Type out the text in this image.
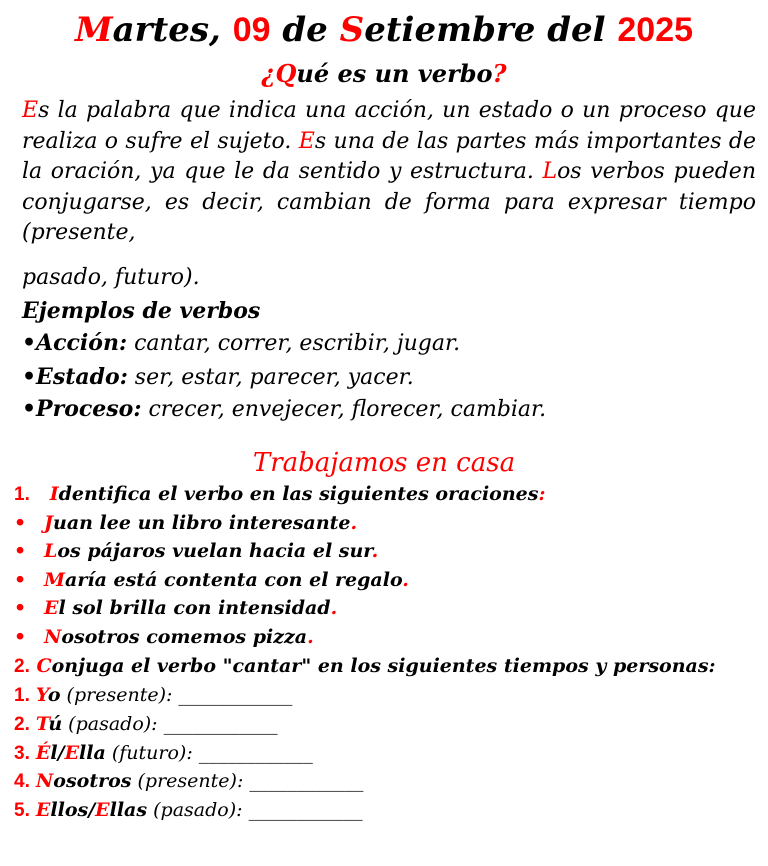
Martes, 09 de Setiembre del 2025
¿Qué es un verbo?
Es la palabra que indica una acción, un estado o un proceso que realiza o sufre el sujeto. Es una de las partes más importantes de la oración, ya que le da sentido y estructura. Los verbos pueden conjugarse, es decir, cambian de forma para expresar tiempo (presente,
pasado, futuro).
Ejemplos de verbos
•Acción: cantar, correr, escribir, jugar.
•Estado: ser, estar, parecer, yacer.
•Proceso: crecer, envejecer, florecer, cambiar.
Trabajamos en casa
1. Identifica el verbo en las siguientes oraciones:
• Juan lee un libro interesante.
• Los pájaros vuelan hacia el sur.
• María está contenta con el regalo.
• El sol brilla con intensidad.
• Nosotros comemos pizza.
2. Conjuga el verbo "cantar" en los siguientes tiempos y personas:
1. Yo (presente): ____________
2. Tú (pasado): ____________
3. Él/Ella (futuro): ____________
4. Nosotros (presente): ____________
5. Ellos/Ellas (pasado): ____________
